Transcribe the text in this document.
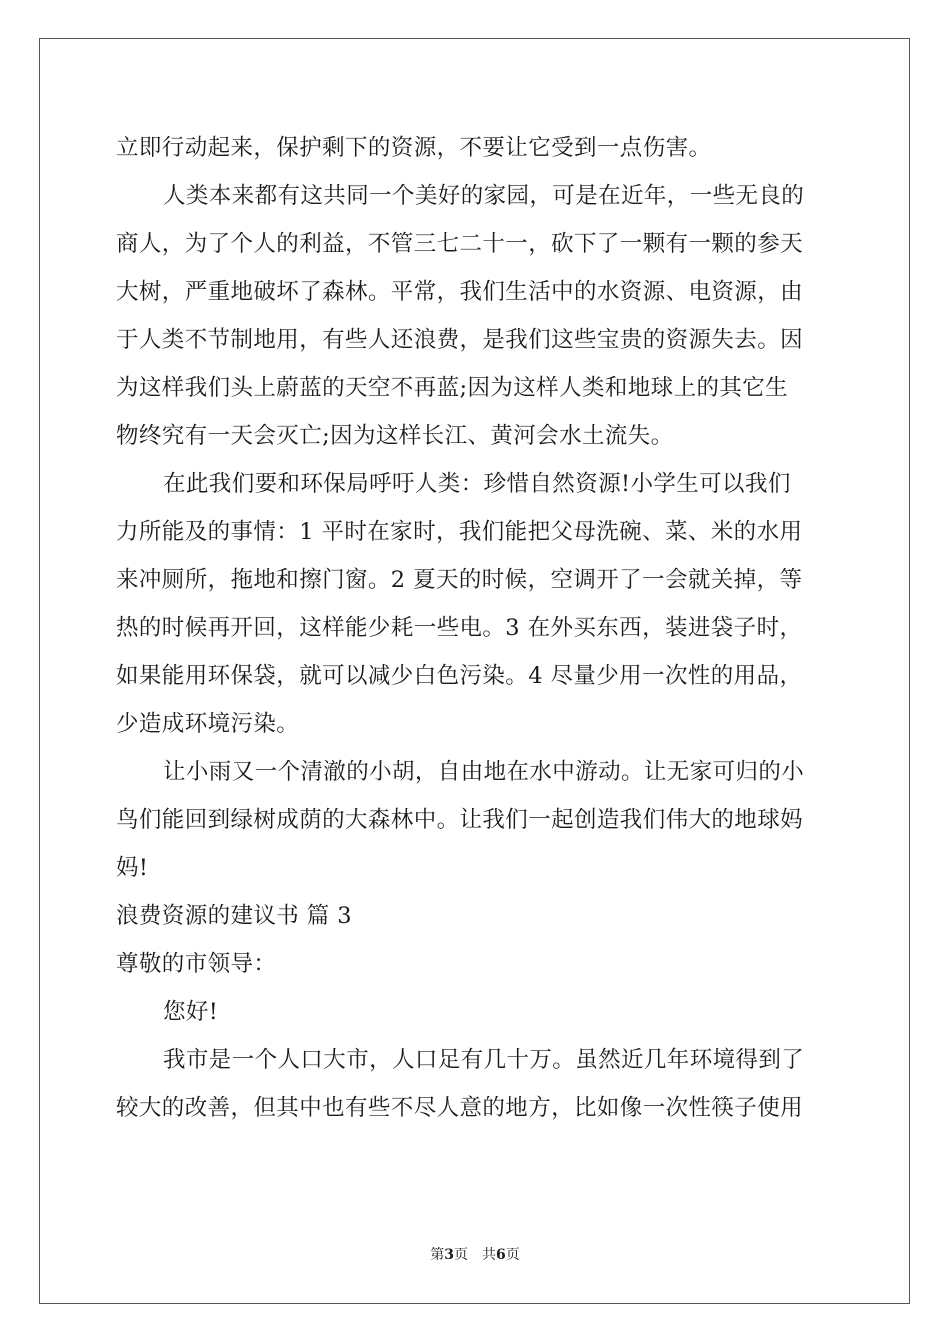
立即行动起来，保护剩下的资源，不要让它受到一点伤害。
人类本来都有这共同一个美好的家园，可是在近年，一些无良的
商人，为了个人的利益，不管三七二十一，砍下了一颗有一颗的参天
大树，严重地破坏了森林。平常，我们生活中的水资源、电资源，由
于人类不节制地用，有些人还浪费，是我们这些宝贵的资源失去。因
为这样我们头上蔚蓝的天空不再蓝;因为这样人类和地球上的其它生
物终究有一天会灭亡;因为这样长江、黄河会水土流失。
在此我们要和环保局呼吁人类：珍惜自然资源!小学生可以我们
力所能及的事情：1 平时在家时，我们能把父母洗碗、菜、米的水用
来冲厕所，拖地和擦门窗。2 夏天的时候，空调开了一会就关掉，等
热的时候再开回，这样能少耗一些电。3 在外买东西，装进袋子时，
如果能用环保袋，就可以减少白色污染。4 尽量少用一次性的用品，
少造成环境污染。
让小雨又一个清澈的小胡，自由地在水中游动。让无家可归的小
鸟们能回到绿树成荫的大森林中。让我们一起创造我们伟大的地球妈
妈!
浪费资源的建议书 篇 3
尊敬的市领导：
您好!
我市是一个人口大市，人口足有几十万。虽然近几年环境得到了
较大的改善，但其中也有些不尽人意的地方，比如像一次性筷子使用
第3页 共6页
